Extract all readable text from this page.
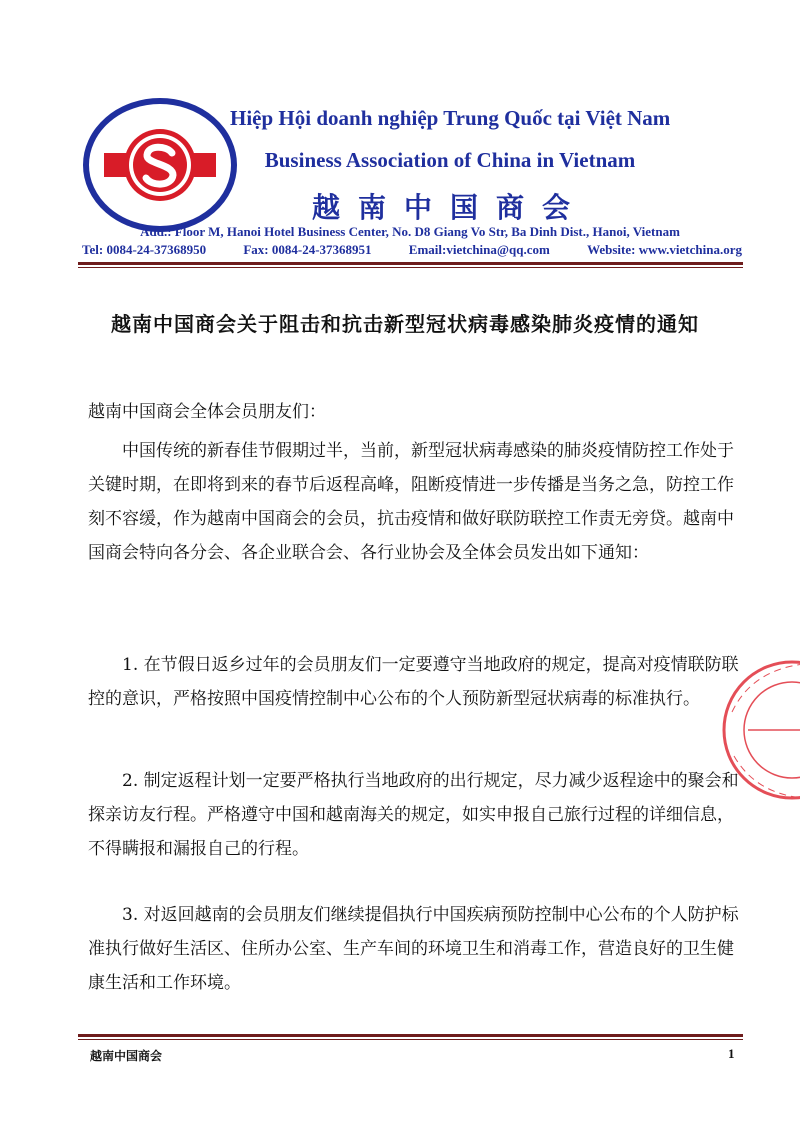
Hiệp Hội doanh nghiệp Trung Quốc tại Việt Nam
Business Association of China in Vietnam
越南中国商会
Add.: Floor M, Hanoi Hotel Business Center, No. D8 Giang Vo Str, Ba Dinh Dist., Hanoi, Vietnam
Tel: 0084-24-37368950	Fax: 0084-24-37368951	Email:vietchina@qq.com	Website: www.vietchina.org
越南中国商会关于阻击和抗击新型冠状病毒感染肺炎疫情的通知
越南中国商会全体会员朋友们：
中国传统的新春佳节假期过半，当前，新型冠状病毒感染的肺炎疫情防控工作处于关键时期，在即将到来的春节后返程高峰，阻断疫情进一步传播是当务之急，防控工作刻不容缓，作为越南中国商会的会员，抗击疫情和做好联防联控工作责无旁贷。越南中国商会特向各分会、各企业联合会、各行业协会及全体会员发出如下通知：
1. 在节假日返乡过年的会员朋友们一定要遵守当地政府的规定，提高对疫情联防联控的意识，严格按照中国疫情控制中心公布的个人预防新型冠状病毒的标准执行。
2. 制定返程计划一定要严格执行当地政府的出行规定，尽力减少返程途中的聚会和探亲访友行程。严格遵守中国和越南海关的规定，如实申报自己旅行过程的详细信息，不得瞒报和漏报自己的行程。
3. 对返回越南的会员朋友们继续提倡执行中国疾病预防控制中心公布的个人防护标准执行做好生活区、住所办公室、生产车间的环境卫生和消毒工作，营造良好的卫生健康生活和工作环境。
越南中国商会	1
